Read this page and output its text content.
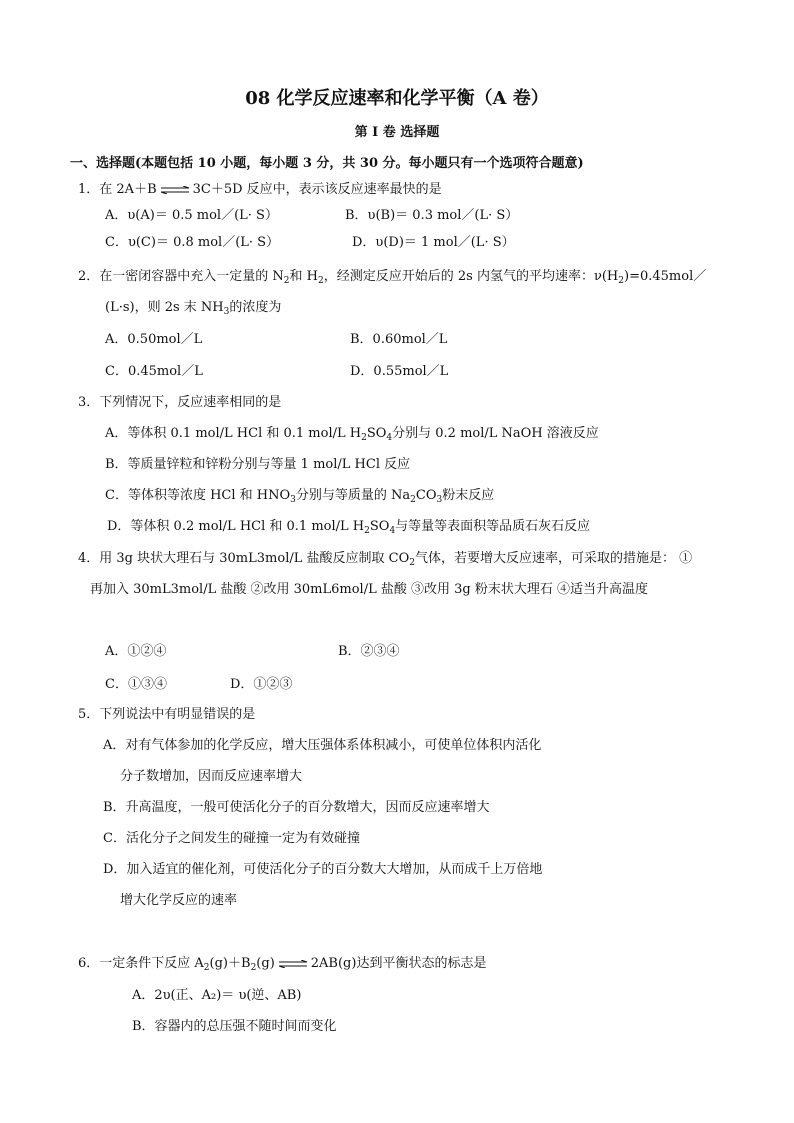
08 化学反应速率和化学平衡（A 卷）
第 I 卷 选择题
一、选择题(本题包括 10 小题，每小题 3 分，共 30 分。每小题只有一个选项符合题意)
1．在 2A＋B ⇌ 3C＋5D 反应中，表示该反应速率最快的是
A．υ(A)＝ 0.5 mol／(L· S）	B．υ(B)＝ 0.3 mol／(L· S）
C．υ(C)＝ 0.8 mol／(L· S）	D．υ(D)＝ 1 mol／(L· S）
2．在一密闭容器中充入一定量的 $N_2$和 $H_2$，经测定反应开始后的 2s 内氢气的平均速率：$\nu(H_2)=0.45mol/$
(L·s)，则 2s 末 $NH_3$的浓度为
A．0.50mol／L	B．0.60mol／L
C．0.45mol／L	D．0.55mol／L
3．下列情况下，反应速率相同的是
A．等体积 0.1 mol/L HCl 和 0.1 mol/L $H_2SO_4$分别与 0.2 mol/L NaOH 溶液反应
B．等质量锌粒和锌粉分别与等量 1 mol/L HCl 反应
C．等体积等浓度 HCl 和 $HNO_3$分别与等质量的 $Na_2CO_3$粉末反应
D．等体积 0.2 mol/L HCl 和 0.1 mol/L $H_2SO_4$与等量等表面积等品质石灰石反应
4．用 3g 块状大理石与 30mL3mol/L 盐酸反应制取 $CO_2$气体，若要增大反应速率，可采取的措施是： ①
再加入 30mL3mol/L 盐酸 ②改用 30mL6mol/L 盐酸 ③改用 3g 粉末状大理石 ④适当升高温度
A．①②④	B．②③④
C．①③④	D．①②③
5．下列说法中有明显错误的是
A．对有气体参加的化学反应，增大压强体系体积减小，可使单位体积内活化
分子数增加，因而反应速率增大
B．升高温度，一般可使活化分子的百分数增大，因而反应速率增大
C．活化分子之间发生的碰撞一定为有效碰撞
D．加入适宜的催化剂，可使活化分子的百分数大大增加，从而成千上万倍地
增大化学反应的速率
6．一定条件下反应 $A_2(g)+B_2(g)$ ⇌ 2AB(g)达到平衡状态的标志是
A．2υ(正、A₂)＝ υ(逆、AB)
B．容器内的总压强不随时间而变化
